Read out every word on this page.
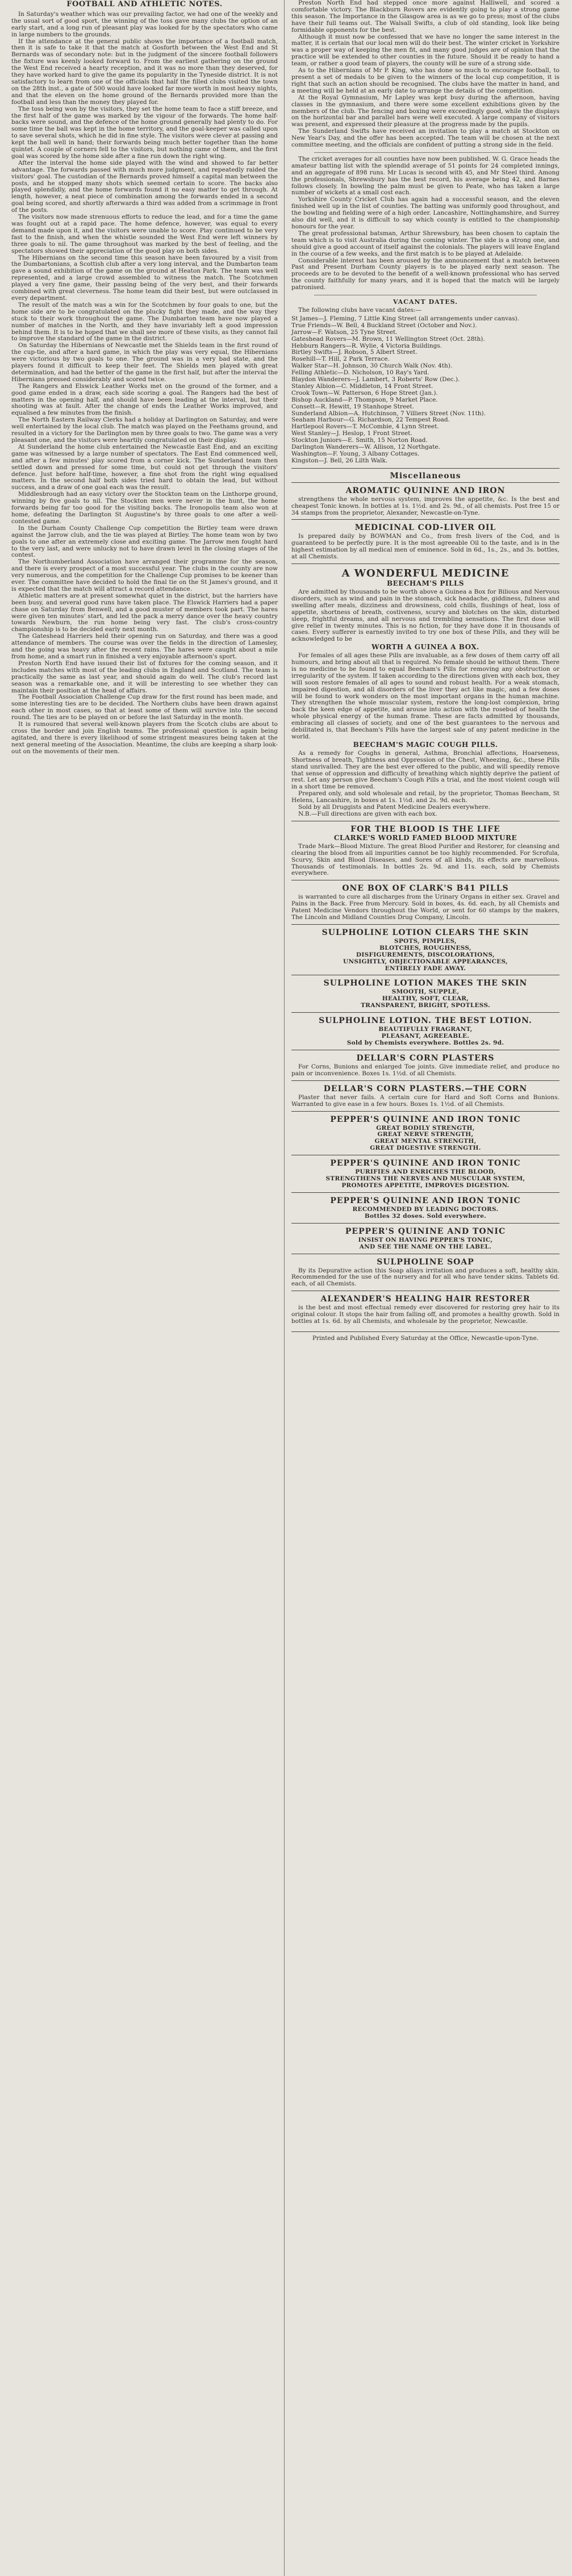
FOOTBALL AND ATHLETIC NOTES.

In Saturday's weather which was our prevailing factor, we had one of the weekly and the usual sort of good sport, the winning of the toss gave many clubs the option of an early start, and a long run of pleasant play was looked for by the spectators who came in large numbers to the grounds.

If the attendance at the general public shows the importance of a football match, then it is safe to take it that the match at Gosforth between the West End and St Bernards was of secondary note: but in the judgment of the sincere football followers the fixture was keenly looked forward to. From the earliest gathering on the ground the West End received a hearty reception, and it was no more than they deserved, for they have worked hard to give the game its popularity in the Tyneside district. It is not satisfactory to learn from one of the officials that half the filled clubs visited the town on the 28th inst., a gate of 500 would have looked far more worth in most heavy nights, and that the eleven on the home ground of the Bernards provided more than the football and less than the money they played for.

The toss being won by the visitors, they set the home team to face a stiff breeze, and the first half of the game was marked by the vigour of the forwards. The home half-backs were sound, and the defence of the home ground generally had plenty to do. For some time the ball was kept in the home territory, and the goal-keeper was called upon to save several shots, which he did in fine style. The visitors were clever at passing and kept the ball well in hand; their forwards being much better together than the home quintet. A couple of corners fell to the visitors, but nothing came of them, and the first goal was scored by the home side after a fine run down the right wing.

After the interval the home side played with the wind and showed to far better advantage. The forwards passed with much more judgment, and repeatedly raided the visitors' goal. The custodian of the Bernards proved himself a capital man between the posts, and he stopped many shots which seemed certain to score. The backs also played splendidly, and the home forwards found it no easy matter to get through. At length, however, a neat piece of combination among the forwards ended in a second goal being scored, and shortly afterwards a third was added from a scrimmage in front of the posts.

The visitors now made strenuous efforts to reduce the lead, and for a time the game was fought out at a rapid pace. The home defence, however, was equal to every demand made upon it, and the visitors were unable to score. Play continued to be very fast to the finish, and when the whistle sounded the West End were left winners by three goals to nil. The game throughout was marked by the best of feeling, and the spectators showed their appreciation of the good play on both sides.

The Hibernians on the second time this season have been favoured by a visit from the Dumbartonians, a Scottish club after a very long interval, and the Dumbarton team gave a sound exhibition of the game on the ground at Heaton Park. The team was well represented, and a large crowd assembled to witness the match. The Scotchmen played a very fine game, their passing being of the very best, and their forwards combined with great cleverness. The home team did their best, but were outclassed in every department.

The result of the match was a win for the Scotchmen by four goals to one, but the home side are to be congratulated on the plucky fight they made, and the way they stuck to their work throughout the game. The Dumbarton team have now played a number of matches in the North, and they have invariably left a good impression behind them. It is to be hoped that we shall see more of these visits, as they cannot fail to improve the standard of the game in the district.

On Saturday the Hibernians of Newcastle met the Shields team in the first round of the cup-tie, and after a hard game, in which the play was very equal, the Hibernians were victorious by two goals to one. The ground was in a very bad state, and the players found it difficult to keep their feet. The Shields men played with great determination, and had the better of the game in the first half, but after the interval the Hibernians pressed considerably and scored twice.

The Rangers and Elswick Leather Works met on the ground of the former, and a good game ended in a draw, each side scoring a goal. The Rangers had the best of matters in the opening half, and should have been leading at the interval, but their shooting was at fault. After the change of ends the Leather Works improved, and equalised a few minutes from the finish.

The North Eastern Railway Clerks had a holiday at Darlington on Saturday, and were well entertained by the local club. The match was played on the Feethams ground, and resulted in a victory for the Darlington men by three goals to two. The game was a very pleasant one, and the visitors were heartily congratulated on their display.

At Sunderland the home club entertained the Newcastle East End, and an exciting game was witnessed by a large number of spectators. The East End commenced well, and after a few minutes' play scored from a corner kick. The Sunderland team then settled down and pressed for some time, but could not get through the visitors' defence. Just before half-time, however, a fine shot from the right wing equalised matters. In the second half both sides tried hard to obtain the lead, but without success, and a draw of one goal each was the result.

Middlesbrough had an easy victory over the Stockton team on the Linthorpe ground, winning by five goals to nil. The Stockton men were never in the hunt, the home forwards being far too good for the visiting backs. The Ironopolis team also won at home, defeating the Darlington St Augustine's by three goals to one after a well-contested game.

In the Durham County Challenge Cup competition the Birtley team were drawn against the Jarrow club, and the tie was played at Birtley. The home team won by two goals to one after an extremely close and exciting game. The Jarrow men fought hard to the very last, and were unlucky not to have drawn level in the closing stages of the contest.

The Northumberland Association have arranged their programme for the season, and there is every prospect of a most successful year. The clubs in the county are now very numerous, and the competition for the Challenge Cup promises to be keener than ever. The committee have decided to hold the final tie on the St James's ground, and it is expected that the match will attract a record attendance.

Athletic matters are at present somewhat quiet in the district, but the harriers have been busy, and several good runs have taken place. The Elswick Harriers had a paper chase on Saturday from Benwell, and a good muster of members took part. The hares were given ten minutes' start, and led the pack a merry dance over the heavy country towards Newburn, the run home being very fast. The club's cross-country championship is to be decided early next month.

The Gateshead Harriers held their opening run on Saturday, and there was a good attendance of members. The course was over the fields in the direction of Lamesley, and the going was heavy after the recent rains. The hares were caught about a mile from home, and a smart run in finished a very enjoyable afternoon's sport.

Preston North End have issued their list of fixtures for the coming season, and it includes matches with most of the leading clubs in England and Scotland. The team is practically the same as last year, and should again do well. The club's record last season was a remarkable one, and it will be interesting to see whether they can maintain their position at the head of affairs.

The Football Association Challenge Cup draw for the first round has been made, and some interesting ties are to be decided. The Northern clubs have been drawn against each other in most cases, so that at least some of them will survive into the second round. The ties are to be played on or before the last Saturday in the month.

It is rumoured that several well-known players from the Scotch clubs are about to cross the border and join English teams. The professional question is again being agitated, and there is every likelihood of some stringent measures being taken at the next general meeting of the Association. Meantime, the clubs are keeping a sharp look-out on the movements of their men.

Preston North End had stepped once more against Halliwell, and scored a comfortable victory. The Blackburn Rovers are evidently going to play a strong game this season. The Importance in the Glasgow area is as we go to press; most of the clubs have their full teams out. The Walsall Swifts, a club of old standing, look like being formidable opponents for the best.

Although it must now be confessed that we have no longer the same interest in the matter, it is certain that our local men will do their best. The winter cricket in Yorkshire was a proper way of keeping the men fit, and many good judges are of opinion that the practice will be extended to other counties in the future. Should it be ready to hand a team, or rather a good team of players, the county will be sure of a strong side.

As to the Hibernians of Mr P. King, who has done so much to encourage football, to present a set of medals to be given to the winners of the local cup competition, it is right that such an action should be recognised. The clubs have the matter in hand, and a meeting will be held at an early date to arrange the details of the competition.

At the Royal Gymnasium, Mr Lapley was kept busy during the afternoon, having classes in the gymnasium, and there were some excellent exhibitions given by the members of the club. The fencing and boxing were exceedingly good, while the displays on the horizontal bar and parallel bars were well executed. A large company of visitors was present, and expressed their pleasure at the progress made by the pupils.

The Sunderland Swifts have received an invitation to play a match at Stockton on New Year's Day, and the offer has been accepted. The team will be chosen at the next committee meeting, and the officials are confident of putting a strong side in the field.

The cricket averages for all counties have now been published. W. G. Grace heads the amateur batting list with the splendid average of 51 points for 24 completed innings, and an aggregate of 898 runs. Mr Lucas is second with 45, and Mr Steel third. Among the professionals, Shrewsbury has the best record, his average being 42, and Barnes follows closely. In bowling the palm must be given to Peate, who has taken a large number of wickets at a small cost each.

Yorkshire County Cricket Club has again had a successful season, and the eleven finished well up in the list of counties. The batting was uniformly good throughout, and the bowling and fielding were of a high order. Lancashire, Nottinghamshire, and Surrey also did well, and it is difficult to say which county is entitled to the championship honours for the year.

The great professional batsman, Arthur Shrewsbury, has been chosen to captain the team which is to visit Australia during the coming winter. The side is a strong one, and should give a good account of itself against the colonials. The players will leave England in the course of a few weeks, and the first match is to be played at Adelaide.

Considerable interest has been aroused by the announcement that a match between Past and Present Durham County players is to be played early next season. The proceeds are to be devoted to the benefit of a well-known professional who has served the county faithfully for many years, and it is hoped that the match will be largely patronised.

VACANT DATES.

The following clubs have vacant dates:—

St James—J. Fleming, 7 Little King Street (all arrangements under canvas).
True Friends—W. Bell, 4 Buckland Street (October and Nov.).
Jarrow—F. Watson, 25 Tyne Street.
Gateshead Rovers—M. Brown, 11 Wellington Street (Oct. 28th).
Hebburn Rangers—R. Wylie, 4 Victoria Buildings.
Birtley Swifts—J. Robson, 5 Albert Street.
Rosehill—T. Hill, 2 Park Terrace.
Walker Star—H. Johnson, 30 Church Walk (Nov. 4th).
Felling Athletic—D. Nicholson, 10 Ray's Yard.
Blaydon Wanderers—J. Lambert, 3 Roberts' Row (Dec.).
Stanley Albion—C. Middleton, 14 Front Street.
Crook Town—W. Patterson, 6 Hope Street (Jan.).
Bishop Auckland—P. Thompson, 9 Market Place.
Consett—R. Hewitt, 19 Stanhope Street.
Sunderland Albion—A. Hutchinson, 7 Villiers Street (Nov. 11th).
Seaham Harbour—G. Richardson, 22 Tempest Road.
Hartlepool Rovers—T. McCombie, 4 Lynn Street.
West Stanley—J. Heslop, 1 Front Street.
Stockton Juniors—E. Smith, 15 Norton Road.
Darlington Wanderers—W. Allison, 12 Northgate.
Washington—F. Young, 3 Albany Cottages.
Kingston—J. Bell, 26 Lilth Walk.
Miscellaneous
AROMATIC QUININE AND IRON

strengthens the whole nervous system, improves the appetite, &c. Is the best and cheapest Tonic known. In bottles at 1s. 1½d. and 2s. 9d., of all chemists. Post free 15 or 34 stamps from the proprietor, Alexander, Newcastle-on-Tyne.

MEDICINAL COD-LIVER OIL

Is prepared daily by BOWMAN and Co., from fresh livers of the Cod, and is guaranteed to be perfectly pure. It is the most agreeable Oil to the taste, and is in the highest estimation by all medical men of eminence. Sold in 6d., 1s., 2s., and 3s. bottles, at all Chemists.

A WONDERFUL MEDICINE
BEECHAM'S PILLS

Are admitted by thousands to be worth above a Guinea a Box for Bilious and Nervous disorders, such as wind and pain in the stomach, sick headache, giddiness, fulness and swelling after meals, dizziness and drowsiness, cold chills, flushings of heat, loss of appetite, shortness of breath, costiveness, scurvy and blotches on the skin, disturbed sleep, frightful dreams, and all nervous and trembling sensations. The first dose will give relief in twenty minutes. This is no fiction, for they have done it in thousands of cases. Every sufferer is earnestly invited to try one box of these Pills, and they will be acknowledged to be

WORTH A GUINEA A BOX.

For females of all ages these Pills are invaluable, as a few doses of them carry off all humours, and bring about all that is required. No female should be without them. There is no medicine to be found to equal Beecham's Pills for removing any obstruction or irregularity of the system. If taken according to the directions given with each box, they will soon restore females of all ages to sound and robust health. For a weak stomach, impaired digestion, and all disorders of the liver they act like magic, and a few doses will be found to work wonders on the most important organs in the human machine. They strengthen the whole muscular system, restore the long-lost complexion, bring back the keen edge of appetite, and arouse into action with the rosebud of health the whole physical energy of the human frame. These are facts admitted by thousands, embracing all classes of society, and one of the best guarantees to the nervous and debilitated is, that Beecham's Pills have the largest sale of any patent medicine in the world.

BEECHAM'S MAGIC COUGH PILLS.

As a remedy for Coughs in general, Asthma, Bronchial affections, Hoarseness, Shortness of breath, Tightness and Oppression of the Chest, Wheezing, &c., these Pills stand unrivalled. They are the best ever offered to the public, and will speedily remove that sense of oppression and difficulty of breathing which nightly deprive the patient of rest. Let any person give Beecham's Cough Pills a trial, and the most violent cough will in a short time be removed.

Prepared only, and sold wholesale and retail, by the proprietor, Thomas Beecham, St Helens, Lancashire, in boxes at 1s. 1½d. and 2s. 9d. each.

Sold by all Druggists and Patent Medicine Dealers everywhere.

N.B.—Full directions are given with each box.

FOR THE BLOOD IS THE LIFE
CLARKE'S WORLD FAMED BLOOD MIXTURE

Trade Mark—Blood Mixture. The great Blood Purifier and Restorer, for cleansing and clearing the blood from all impurities cannot be too highly recommended. For Scrofula, Scurvy, Skin and Blood Diseases, and Sores of all kinds, its effects are marvellous. Thousands of testimonials. In bottles 2s. 9d. and 11s. each, sold by Chemists everywhere.

ONE BOX OF CLARK'S B41 PILLS

is warranted to cure all discharges from the Urinary Organs in either sex. Gravel and Pains in the Back. Free from Mercury. Sold in boxes, 4s. 6d. each, by all Chemists and Patent Medicine Vendors throughout the World, or sent for 60 stamps by the makers, The Lincoln and Midland Counties Drug Company, Lincoln.

SULPHOLINE LOTION CLEARS THE SKIN
SPOTS, PIMPLES,
BLOTCHES, ROUGHNESS,
DISFIGUREMENTS, DISCOLORATIONS,
UNSIGHTLY, OBJECTIONABLE APPEARANCES,
ENTIRELY FADE AWAY.
SULPHOLINE LOTION MAKES THE SKIN
SMOOTH, SUPPLE,
HEALTHY, SOFT, CLEAR,
TRANSPARENT, BRIGHT, SPOTLESS.
SULPHOLINE LOTION. THE BEST LOTION.
BEAUTIFULLY FRAGRANT,
PLEASANT, AGREEABLE.
Sold by Chemists everywhere. Bottles 2s. 9d.
DELLAR'S CORN PLASTERS

For Corns, Bunions and enlarged Toe joints. Give immediate relief, and produce no pain or inconvenience. Boxes 1s. 1½d. of all Chemists.

DELLAR'S CORN PLASTERS.—THE CORN

Plaster that never fails. A certain cure for Hard and Soft Corns and Bunions. Warranted to give ease in a few hours. Boxes 1s. 1½d. of all Chemists.

PEPPER'S QUININE AND IRON TONIC
GREAT BODILY STRENGTH,
GREAT NERVE STRENGTH,
GREAT MENTAL STRENGTH,
GREAT DIGESTIVE STRENGTH.
PEPPER'S QUININE AND IRON TONIC
PURIFIES AND ENRICHES THE BLOOD,
STRENGTHENS THE NERVES AND MUSCULAR SYSTEM,
PROMOTES APPETITE, IMPROVES DIGESTION.
PEPPER'S QUININE AND IRON TONIC
RECOMMENDED BY LEADING DOCTORS.
Bottles 32 doses. Sold everywhere.
PEPPER'S QUININE AND TONIC
INSIST ON HAVING PEPPER'S TONIC,
AND SEE THE NAME ON THE LABEL.
SULPHOLINE SOAP

By its Depurative action this Soap allays irritation and produces a soft, healthy skin. Recommended for the use of the nursery and for all who have tender skins. Tablets 6d. each, of all Chemists.

ALEXANDER'S HEALING HAIR RESTORER

is the best and most effectual remedy ever discovered for restoring grey hair to its original colour. It stops the hair from falling off, and promotes a healthy growth. Sold in bottles at 1s. 6d. by all Chemists, and wholesale by the proprietor, Newcastle.

Printed and Published Every Saturday at the Office, Newcastle-upon-Tyne.
